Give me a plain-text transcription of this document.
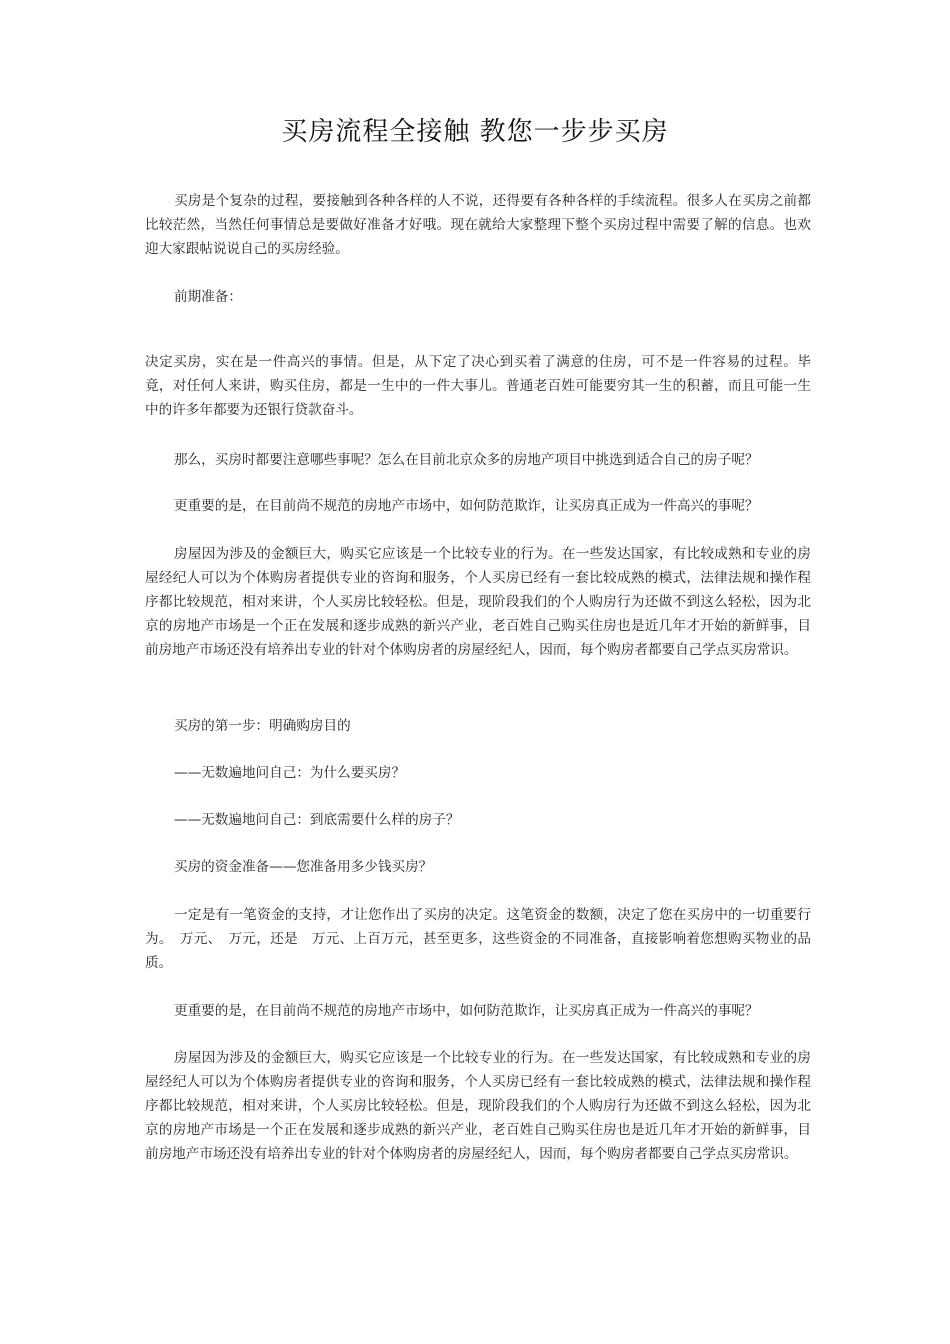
买房流程全接触 教您一步步买房

买房是个复杂的过程，要接触到各种各样的人不说，还得要有各种各样的手续流程。很多人在买房之前都比较茫然，当然任何事情总是要做好准备才好哦。现在就给大家整理下整个买房过程中需要了解的信息。也欢迎大家跟帖说说自己的买房经验。

前期准备：

决定买房，实在是一件高兴的事情。但是，从下定了决心到买着了满意的住房，可不是一件容易的过程。毕竟，对任何人来讲，购买住房，都是一生中的一件大事儿。普通老百姓可能要穷其一生的积蓄，而且可能一生中的许多年都要为还银行贷款奋斗。

那么，买房时都要注意哪些事呢？怎么在目前北京众多的房地产项目中挑选到适合自己的房子呢？

更重要的是，在目前尚不规范的房地产市场中，如何防范欺诈，让买房真正成为一件高兴的事呢？

房屋因为涉及的金额巨大，购买它应该是一个比较专业的行为。在一些发达国家，有比较成熟和专业的房屋经纪人可以为个体购房者提供专业的咨询和服务，个人买房已经有一套比较成熟的模式，法律法规和操作程序都比较规范，相对来讲，个人买房比较轻松。但是，现阶段我们的个人购房行为还做不到这么轻松，因为北京的房地产市场是一个正在发展和逐步成熟的新兴产业，老百姓自己购买住房也是近几年才开始的新鲜事，目前房地产市场还没有培养出专业的针对个体购房者的房屋经纪人，因而，每个购房者都要自己学点买房常识。

买房的第一步：明确购房目的

——无数遍地问自己：为什么要买房？

——无数遍地问自己：到底需要什么样的房子？

买房的资金准备——您准备用多少钱买房？

一定是有一笔资金的支持，才让您作出了买房的决定。这笔资金的数额，决定了您在买房中的一切重要行为。　万元、　万元，还是　万元、上百万元，甚至更多，这些资金的不同准备，直接影响着您想购买物业的品质。

更重要的是，在目前尚不规范的房地产市场中，如何防范欺诈，让买房真正成为一件高兴的事呢？

房屋因为涉及的金额巨大，购买它应该是一个比较专业的行为。在一些发达国家，有比较成熟和专业的房屋经纪人可以为个体购房者提供专业的咨询和服务，个人买房已经有一套比较成熟的模式，法律法规和操作程序都比较规范，相对来讲，个人买房比较轻松。但是，现阶段我们的个人购房行为还做不到这么轻松，因为北京的房地产市场是一个正在发展和逐步成熟的新兴产业，老百姓自己购买住房也是近几年才开始的新鲜事，目前房地产市场还没有培养出专业的针对个体购房者的房屋经纪人，因而，每个购房者都要自己学点买房常识。
